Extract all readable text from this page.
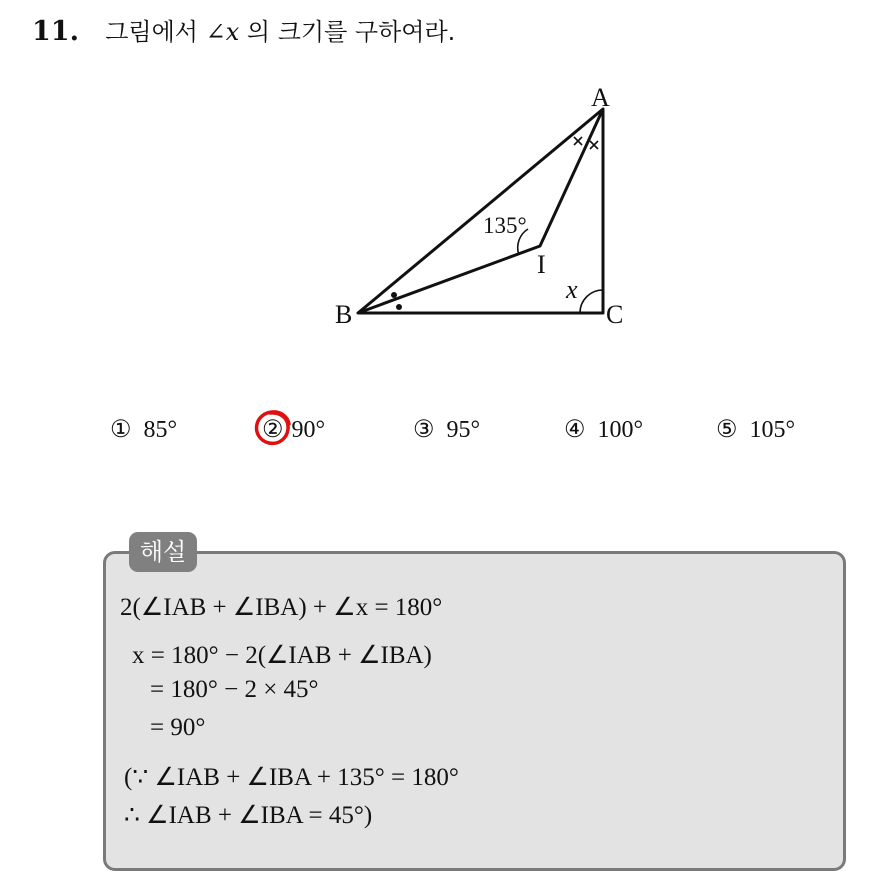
11. 그림에서 ∠x 의 크기를 구하여라.
A
B	C
I
x
135°
① 85°	② 90°	③ 95°	④ 100°	⑤ 105°
2(∠IAB + ∠IBA) + ∠x = 180°
x = 180° − 2(∠IAB + ∠IBA)
= 180° − 2 × 45°
= 90°
(∵ ∠IAB + ∠IBA + 135° = 180°
∴ ∠IAB + ∠IBA = 45°)
해설
